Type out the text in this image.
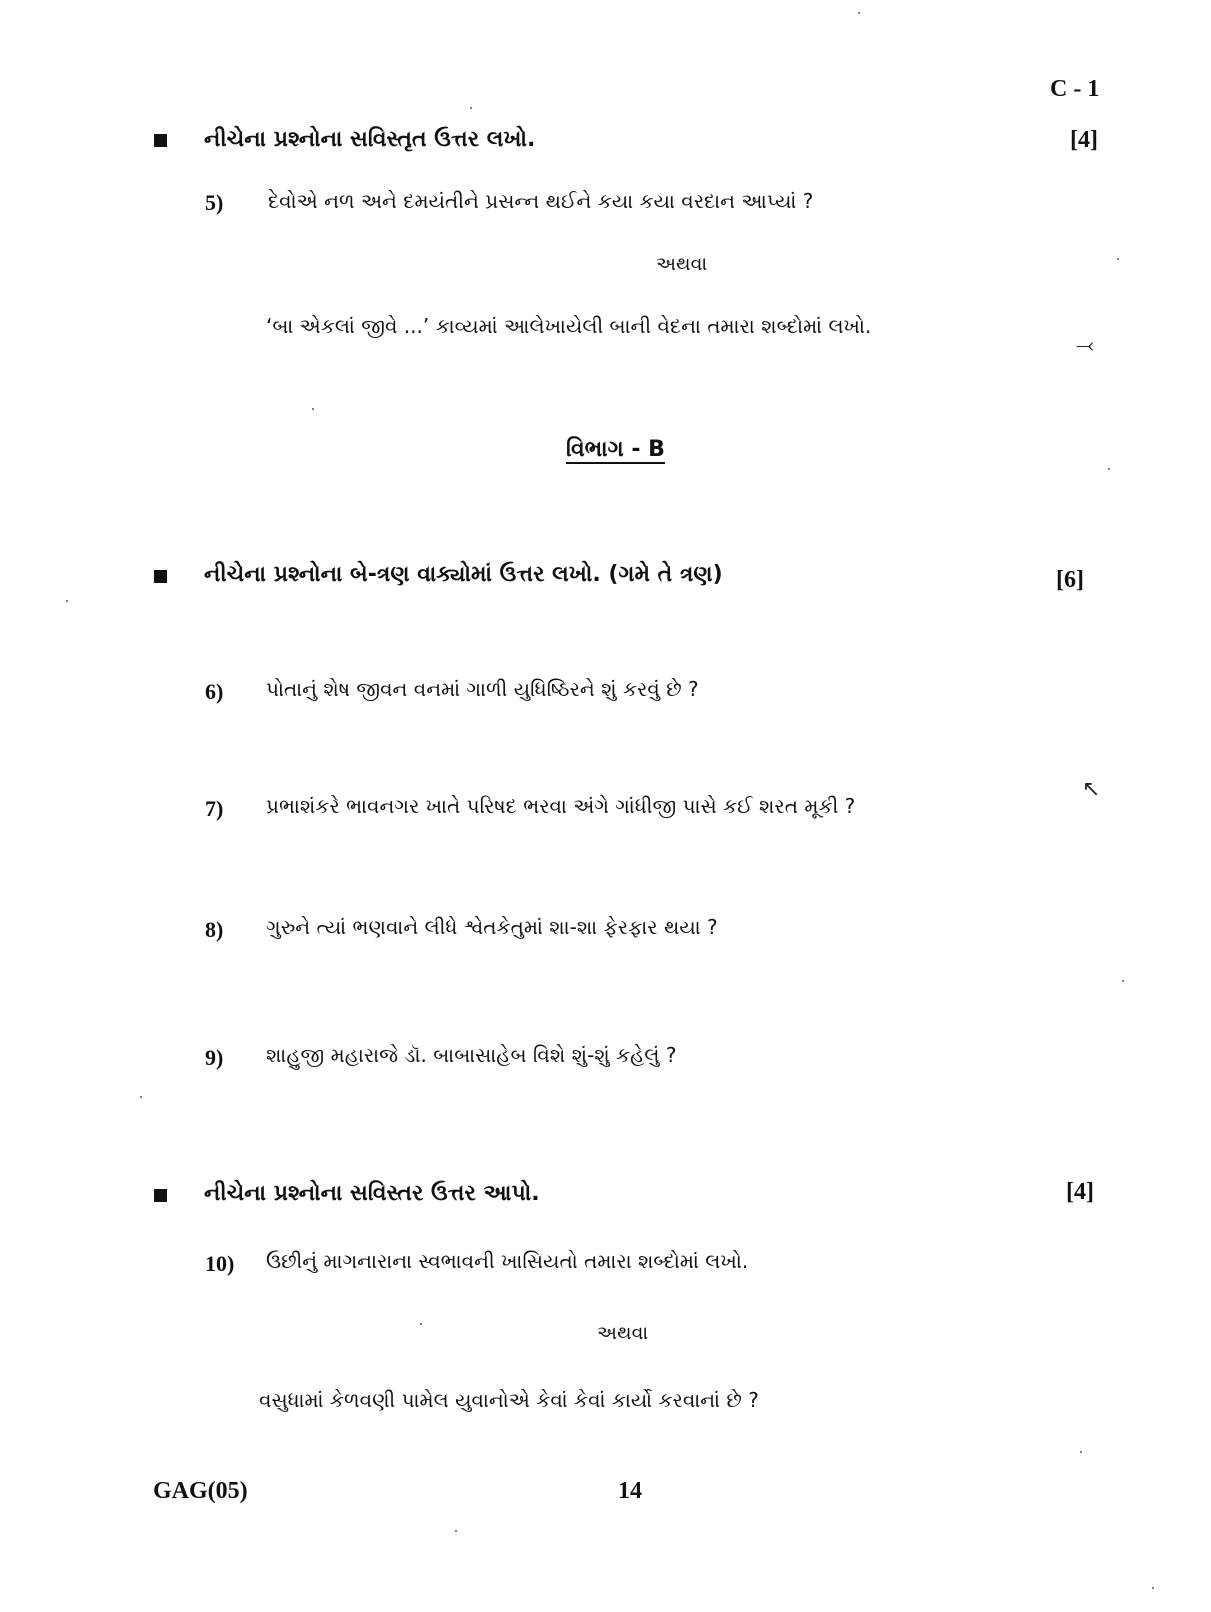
C - 1
નીચેના પ્રશ્નોના સવિસ્તૃત ઉત્તર લખો.	[4]
5) દેવોએ નળ અને દમયંતીને પ્રસન્ન થઈને કયા કયા વરદાન આપ્યાં ?
અથવા
‘બા એકલાં જીવે ...’ કાવ્યમાં આલેખાયેલી બાની વેદના તમારા શબ્દોમાં લખો.
⤙
વિભાગ - B
નીચેના પ્રશ્નોના બે-ત્રણ વાક્યોમાં ઉત્તર લખો. (ગમે તે ત્રણ)	[6]
6) પોતાનું શેષ જીવન વનમાં ગાળી યુધિષ્ઠિરને શું કરવું છે ?
↖
7) પ્રભાશંકરે ભાવનગર ખાતે પરિષદ ભરવા અંગે ગાંધીજી પાસે કઈ શરત મૂકી ?
8) ગુરુને ત્યાં ભણવાને લીધે શ્વેતકેતુમાં શા-શા ફેરફાર થયા ?
9) શાહુજી મહારાજે ડૉ. બાબાસાહેબ વિશે શું-શું કહેલું ?
નીચેના પ્રશ્નોના સવિસ્તર ઉત્તર આપો.	[4]
10) ઉછીનું માગનારાના સ્વભાવની ખાસિયતો તમારા શબ્દોમાં લખો.
અથવા
વસુધામાં કેળવણી પામેલ યુવાનોએ કેવાં કેવાં કાર્યો કરવાનાં છે ?
GAG(05)	14
